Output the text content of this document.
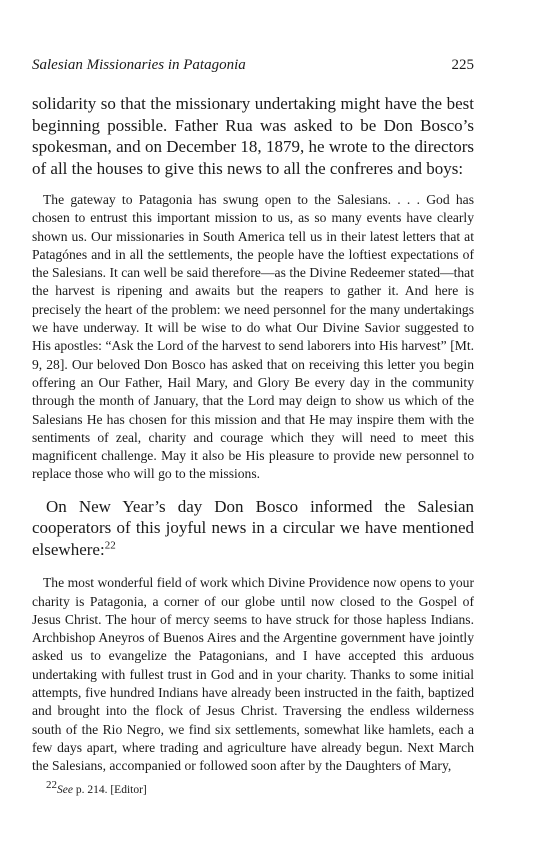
Salesian Missionaries in Patagonia	225

solidarity so that the missionary undertaking might have the best beginning possible. Father Rua was asked to be Don Bosco’s spokesman, and on December 18, 1879, he wrote to the directors of all the houses to give this news to all the confreres and boys:

The gateway to Patagonia has swung open to the Salesians. . . . God has chosen to entrust this important mission to us, as so many events have clearly shown us. Our missionaries in South America tell us in their latest letters that at Patagónes and in all the settlements, the people have the loftiest expectations of the Salesians. It can well be said therefore—as the Divine Redeemer stated—that the harvest is ripening and awaits but the reapers to gather it. And here is precisely the heart of the problem: we need personnel for the many undertakings we have underway. It will be wise to do what Our Divine Savior suggested to His apostles: “Ask the Lord of the harvest to send laborers into His harvest” [Mt. 9, 28]. Our beloved Don Bosco has asked that on receiving this letter you begin offering an Our Father, Hail Mary, and Glory Be every day in the community through the month of January, that the Lord may deign to show us which of the Salesians He has chosen for this mission and that He may inspire them with the sentiments of zeal, charity and courage which they will need to meet this magnificent challenge. May it also be His pleasure to provide new personnel to replace those who will go to the missions.

On New Year’s day Don Bosco informed the Salesian cooperators of this joyful news in a circular we have mentioned elsewhere:$^{22}$

The most wonderful field of work which Divine Providence now opens to your charity is Patagonia, a corner of our globe until now closed to the Gospel of Jesus Christ. The hour of mercy seems to have struck for those hapless Indians. Archbishop Aneyros of Buenos Aires and the Argentine government have jointly asked us to evangelize the Patagonians, and I have accepted this arduous undertaking with fullest trust in God and in your charity. Thanks to some initial attempts, five hundred Indians have already been instructed in the faith, baptized and brought into the flock of Jesus Christ. Traversing the endless wilderness south of the Rio Negro, we find six settlements, somewhat like hamlets, each a few days apart, where trading and agriculture have already begun. Next March the Salesians, accompanied or followed soon after by the Daughters of Mary,

$^{22}$See p. 214. [Editor]
